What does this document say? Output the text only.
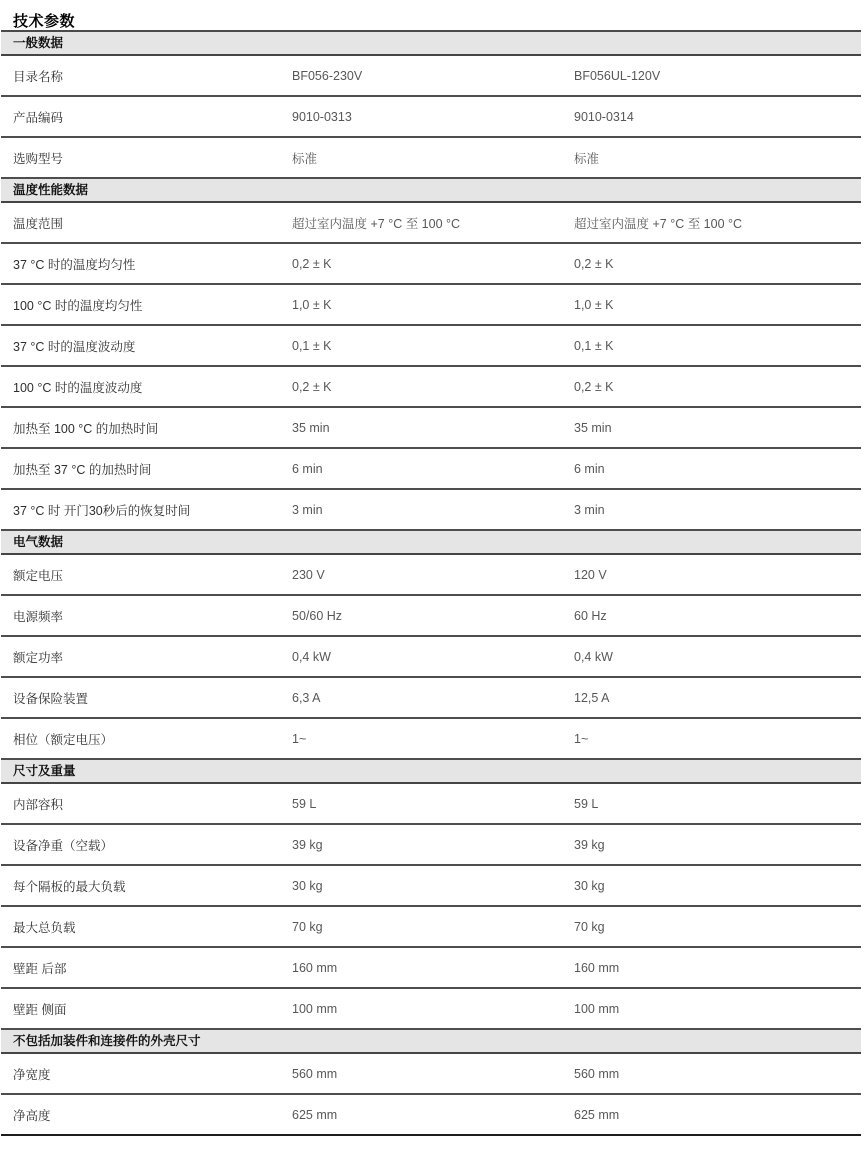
技术参数
一般数据
目录名称	BF056-230V	BF056UL-120V
产品编码	9010-0313	9010-0314
选购型号	标准	标准
温度性能数据
温度范围	超过室内温度 +7 °C 至 100 °C	超过室内温度 +7 °C 至 100 °C
37 °C 时的温度均匀性	0,2 ± K	0,2 ± K
100 °C 时的温度均匀性	1,0 ± K	1,0 ± K
37 °C 时的温度波动度	0,1 ± K	0,1 ± K
100 °C 时的温度波动度	0,2 ± K	0,2 ± K
加热至 100 °C 的加热时间	35 min	35 min
加热至 37 °C 的加热时间	6 min	6 min
37 °C 时 开门30秒后的恢复时间	3 min	3 min
电气数据
额定电压	230 V	120 V
电源频率	50/60 Hz	60 Hz
额定功率	0,4 kW	0,4 kW
设备保险装置	6,3 A	12,5 A
相位（额定电压）	1~	1~
尺寸及重量
内部容积	59 L	59 L
设备净重（空载）	39 kg	39 kg
每个隔板的最大负载	30 kg	30 kg
最大总负载	70 kg	70 kg
壁距 后部	160 mm	160 mm
壁距 侧面	100 mm	100 mm
不包括加装件和连接件的外壳尺寸
净宽度	560 mm	560 mm
净高度	625 mm	625 mm
